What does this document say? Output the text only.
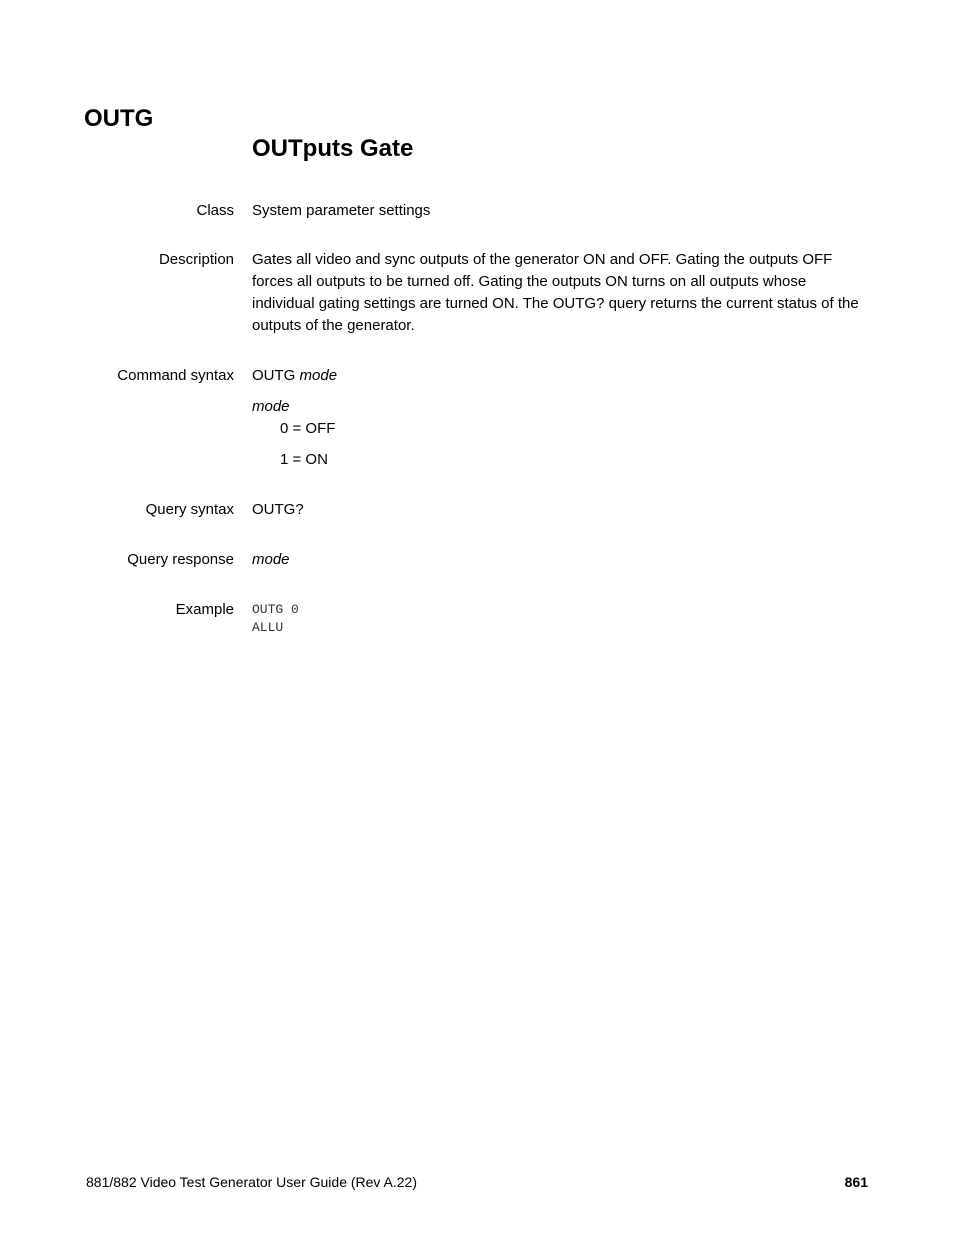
OUTG
OUTputs Gate
Class System parameter settings
Description Gates all video and sync outputs of the generator ON and OFF. Gating the outputs OFF forces all outputs to be turned off. Gating the outputs ON turns on all outputs whose individual gating settings are turned ON. The OUTG? query returns the current status of the outputs of the generator.
Command syntax OUTG mode
mode
0 = OFF
1 = ON
Query syntax OUTG?
Query response mode
Example OUTG 0
ALLU
881/882 Video Test Generator User Guide (Rev A.22)	861
